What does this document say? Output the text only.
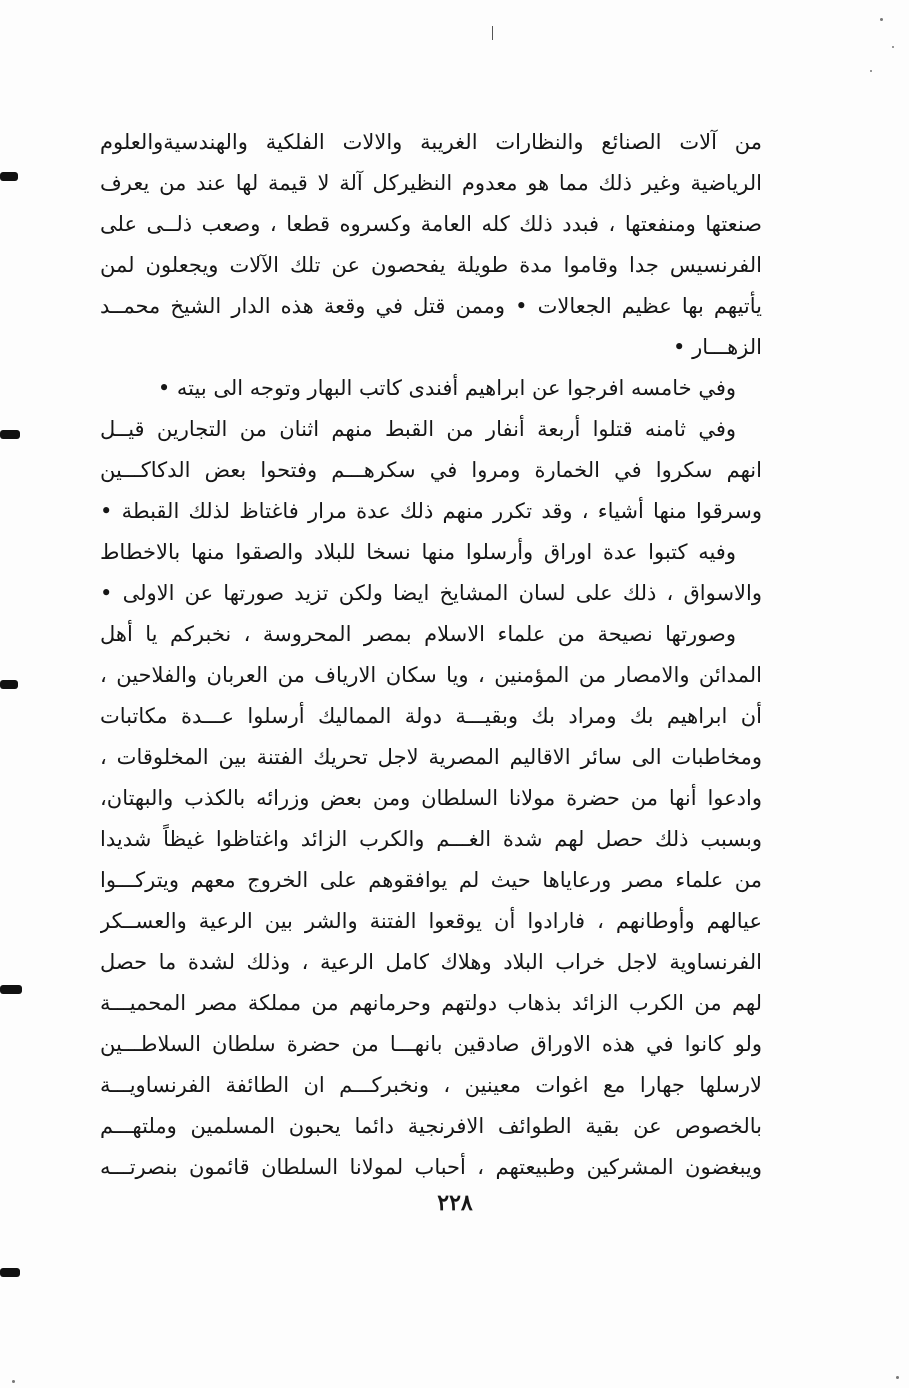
من آلات الصنائع والنظارات الغريبة والالات الفلكية والهندسيةوالعلوم
الرياضية وغير ذلك مما هو معدوم النظيركل آلة لا قيمة لها عند من يعرف
صنعتها ومنفعتها ، فبدد ذلك كله العامة وكسروه قطعا ، وصعب ذلــى على
الفرنسيس جدا وقاموا مدة طويلة يفحصون عن تلك الآلات ويجعلون لمن
يأتيهم بها عظيم الجعالات • وممن قتل في وقعة هذه الدار الشيخ محمــد
الزهـــار •
وفي خامسه افرجوا عن ابراهيم أفندى كاتب البهار وتوجه الى بيته •
وفي ثامنه قتلوا أربعة أنفار من القبط منهم اثنان من التجارين قيــل
انهم سكروا في الخمارة ومروا في سكرهـــم وفتحوا بعض الدكاكـــين
وسرقوا منها أشياء ، وقد تكرر منهم ذلك عدة مرار فاغتاظ لذلك القبطة •
وفيه كتبوا عدة اوراق وأرسلوا منها نسخا للبلاد والصقوا منها بالاخطاط
والاسواق ، ذلك على لسان المشايخ ايضا ولكن تزيد صورتها عن الاولى •
وصورتها نصيحة من علماء الاسلام بمصر المحروسة ، نخبركم يا أهل
المدائن والامصار من المؤمنين ، ويا سكان الارياف من العربان والفلاحين ،
أن ابراهيم بك ومراد بك وبقيـــة دولة المماليك أرسلوا عـــدة مكاتبات
ومخاطبات الى سائر الاقاليم المصرية لاجل تحريك الفتنة بين المخلوقات ،
وادعوا أنها من حضرة مولانا السلطان ومن بعض وزرائه بالكذب والبهتان،
وبسبب ذلك حصل لهم شدة الغـــم والكرب الزائد واغتاظوا غيظاً شديدا
من علماء مصر ورعاياها حيث لم يوافقوهم على الخروج معهم ويتركـــوا
عيالهم وأوطانهم ، فارادوا أن يوقعوا الفتنة والشر بين الرعية والعســكر
الفرنساوية لاجل خراب البلاد وهلاك كامل الرعية ، وذلك لشدة ما حصل
لهم من الكرب الزائد بذهاب دولتهم وحرمانهم من مملكة مصر المحميـــة
ولو كانوا في هذه الاوراق صادقين بانهـــا من حضرة سلطان السلاطـــين
لارسلها جهارا مع اغوات معينين ، ونخبركـــم ان الطائفة الفرنساويـــة
بالخصوص عن بقية الطوائف الافرنجية دائما يحبون المسلمين وملتهـــم
ويبغضون المشركين وطبيعتهم ، أحباب لمولانا السلطان قائمون بنصرتـــه
٢٢٨
